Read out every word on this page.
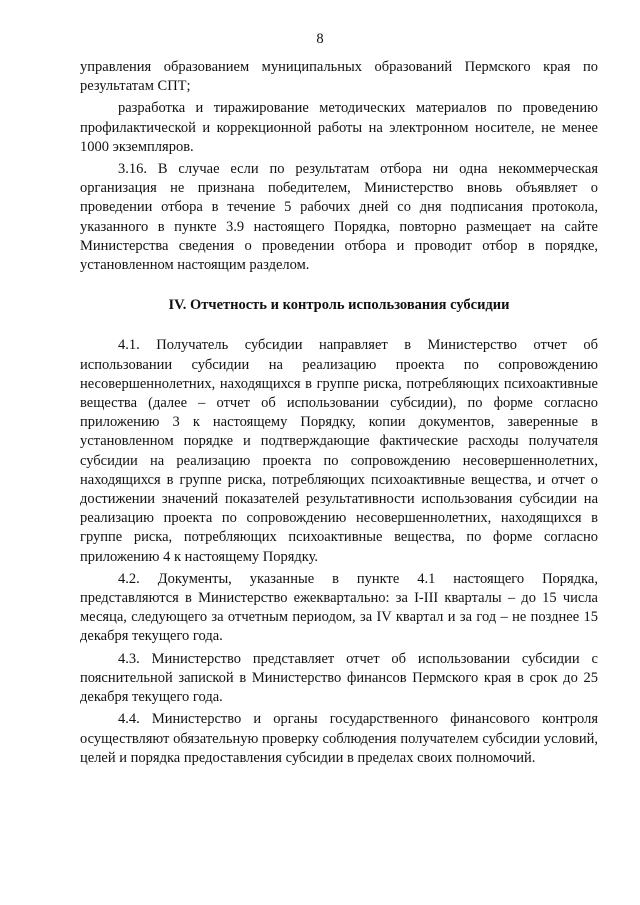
8

управления образованием муниципальных образований Пермского края по результатам СПТ;

разработка и тиражирование методических материалов по проведению профилактической и коррекционной работы на электронном носителе, не менее 1000 экземпляров.

3.16. В случае если по результатам отбора ни одна некоммерческая организация не признана победителем, Министерство вновь объявляет о проведении отбора в течение 5 рабочих дней со дня подписания протокола, указанного в пункте 3.9 настоящего Порядка, повторно размещает на сайте Министерства сведения о проведении отбора и проводит отбор в порядке, установленном настоящим разделом.

IV. Отчетность и контроль использования субсидии

4.1. Получатель субсидии направляет в Министерство отчет об использовании субсидии на реализацию проекта по сопровождению несовершеннолетних, находящихся в группе риска, потребляющих психоактивные вещества (далее – отчет об использовании субсидии), по форме согласно приложению 3 к настоящему Порядку, копии документов, заверенные в установленном порядке и подтверждающие фактические расходы получателя субсидии на реализацию проекта по сопровождению несовершеннолетних, находящихся в группе риска, потребляющих психоактивные вещества, и отчет о достижении значений показателей результативности использования субсидии на реализацию проекта по сопровождению несовершеннолетних, находящихся в группе риска, потребляющих психоактивные вещества, по форме согласно приложению 4 к настоящему Порядку.

4.2. Документы, указанные в пункте 4.1 настоящего Порядка, представляются в Министерство ежеквартально: за I-III кварталы – до 15 числа месяца, следующего за отчетным периодом, за IV квартал и за год – не позднее 15 декабря текущего года.

4.3. Министерство представляет отчет об использовании субсидии с пояснительной запиской в Министерство финансов Пермского края в срок до 25 декабря текущего года.

4.4. Министерство и органы государственного финансового контроля осуществляют обязательную проверку соблюдения получателем субсидии условий, целей и порядка предоставления субсидии в пределах своих полномочий.
